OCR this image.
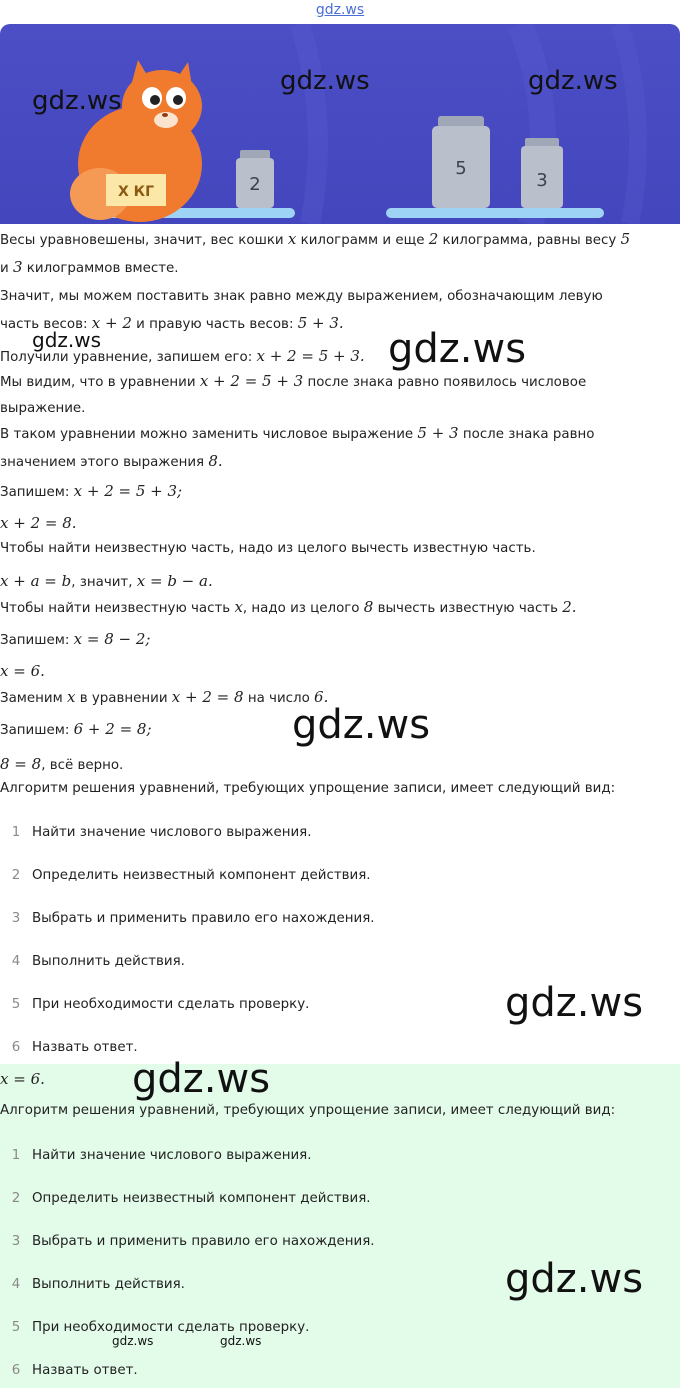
gdz.ws
Х КГ	2
5
3
gdz.ws
gdz.ws	gdz.ws
Весы уравновешены, значит, вес кошки x килограмм и еще 2 килограмма, равны весу 5
и 3 килограммов вместе.
Значит, мы можем поставить знак равно между выражением, обозначающим левую
часть весов: x + 2 и правую часть весов: 5 + 3.
Получили уравнение, запишем его: x + 2 = 5 + 3.
Мы видим, что в уравнении x + 2 = 5 + 3 после знака равно появилось числовое
выражение.
В таком уравнении можно заменить числовое выражение 5 + 3 после знака равно
значением этого выражения 8.
Запишем: x + 2 = 5 + 3;
x + 2 = 8.
Чтобы найти неизвестную часть, надо из целого вычесть известную часть.
x + a = b, значит, x = b − a.
Чтобы найти неизвестную часть x, надо из целого 8 вычесть известную часть 2.
Запишем: x = 8 − 2;
x = 6.
Заменим x в уравнении x + 2 = 8 на число 6.
Запишем: 6 + 2 = 8;
8 = 8, всё верно.
Алгоритм решения уравнений, требующих упрощение записи, имеет следующий вид:
1 Найти значение числового выражения.
2 Определить неизвестный компонент действия.
3 Выбрать и применить правило его нахождения.
4 Выполнить действия.
5 При необходимости сделать проверку.
6 Назвать ответ.
x = 6.
Алгоритм решения уравнений, требующих упрощение записи, имеет следующий вид:
1 Найти значение числового выражения.
2 Определить неизвестный компонент действия.
3 Выбрать и применить правило его нахождения.
4 Выполнить действия.
5 При необходимости сделать проверку.
6 Назвать ответ.
gdz.ws	gdz.ws
gdz.ws
gdz.ws
gdz.ws
gdz.ws
gdz.ws	gdz.ws
